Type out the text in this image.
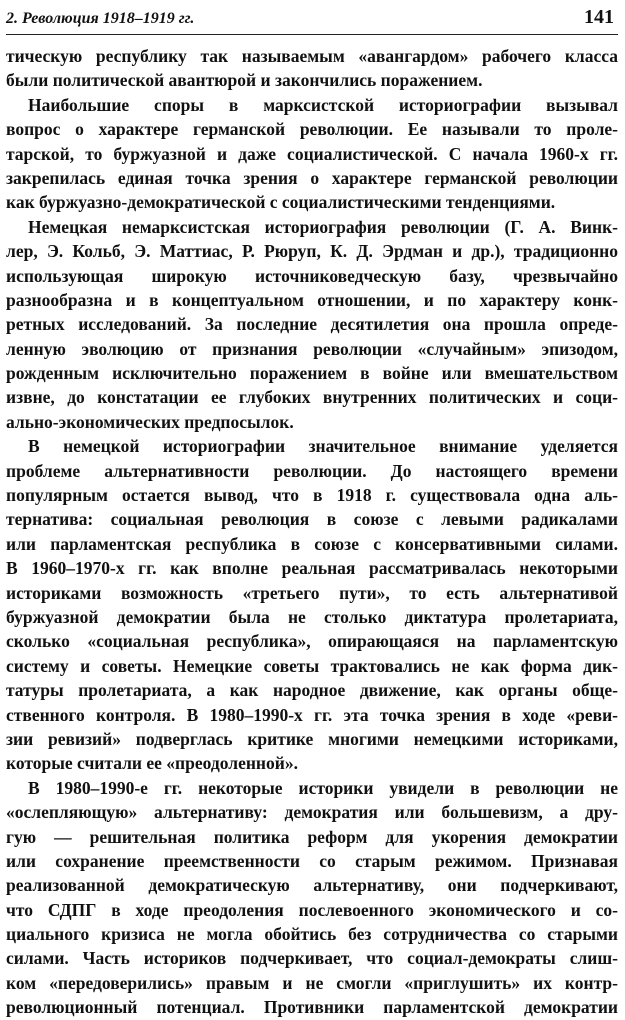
2. Революция 1918–1919 гг.	141
тическую республику так называемым «авангардом» рабочего класса
были политической авантюрой и закончились поражением.
Наибольшие споры в марксистской историографии вызывал
вопрос о характере германской революции. Ее называли то проле-
тарской, то буржуазной и даже социалистической. С начала 1960-х гг.
закрепилась единая точка зрения о характере германской революции
как буржуазно-демократической с социалистическими тенденциями.
Немецкая немарксистская историография революции (Г. А. Винк-
лер, Э. Кольб, Э. Маттиас, Р. Рюруп, К. Д. Эрдман и др.), традиционно
использующая широкую источниковедческую базу, чрезвычайно
разнообразна и в концептуальном отношении, и по характеру конк-
ретных исследований. За последние десятилетия она прошла опреде-
ленную эволюцию от признания революции «случайным» эпизодом,
рожденным исключительно поражением в войне или вмешательством
извне, до констатации ее глубоких внутренних политических и соци-
ально-экономических предпосылок.
В немецкой историографии значительное внимание уделяется
проблеме альтернативности революции. До настоящего времени
популярным остается вывод, что в 1918 г. существовала одна аль-
тернатива: социальная революция в союзе с левыми радикалами
или парламентская республика в союзе с консервативными силами.
В 1960–1970-х гг. как вполне реальная рассматривалась некоторыми
историками возможность «третьего пути», то есть альтернативой
буржуазной демократии была не столько диктатура пролетариата,
сколько «социальная республика», опирающаяся на парламентскую
систему и советы. Немецкие советы трактовались не как форма дик-
татуры пролетариата, а как народное движение, как органы обще-
ственного контроля. В 1980–1990-х гг. эта точка зрения в ходе «реви-
зии ревизий» подверглась критике многими немецкими историками,
которые считали ее «преодоленной».
В 1980–1990-е гг. некоторые историки увидели в революции не
«ослепляющую» альтернативу: демократия или большевизм, а дру-
гую — решительная политика реформ для укорения демократии
или сохранение преемственности со старым режимом. Признавая
реализованной демократическую альтернативу, они подчеркивают,
что СДПГ в ходе преодоления послевоенного экономического и со-
циального кризиса не могла обойтись без сотрудничества со старыми
силами. Часть историков подчеркивает, что социал-демократы слиш-
ком «передоверились» правым и не смогли «приглушить» их контр-
революционный потенциал. Противники парламентской демократии
